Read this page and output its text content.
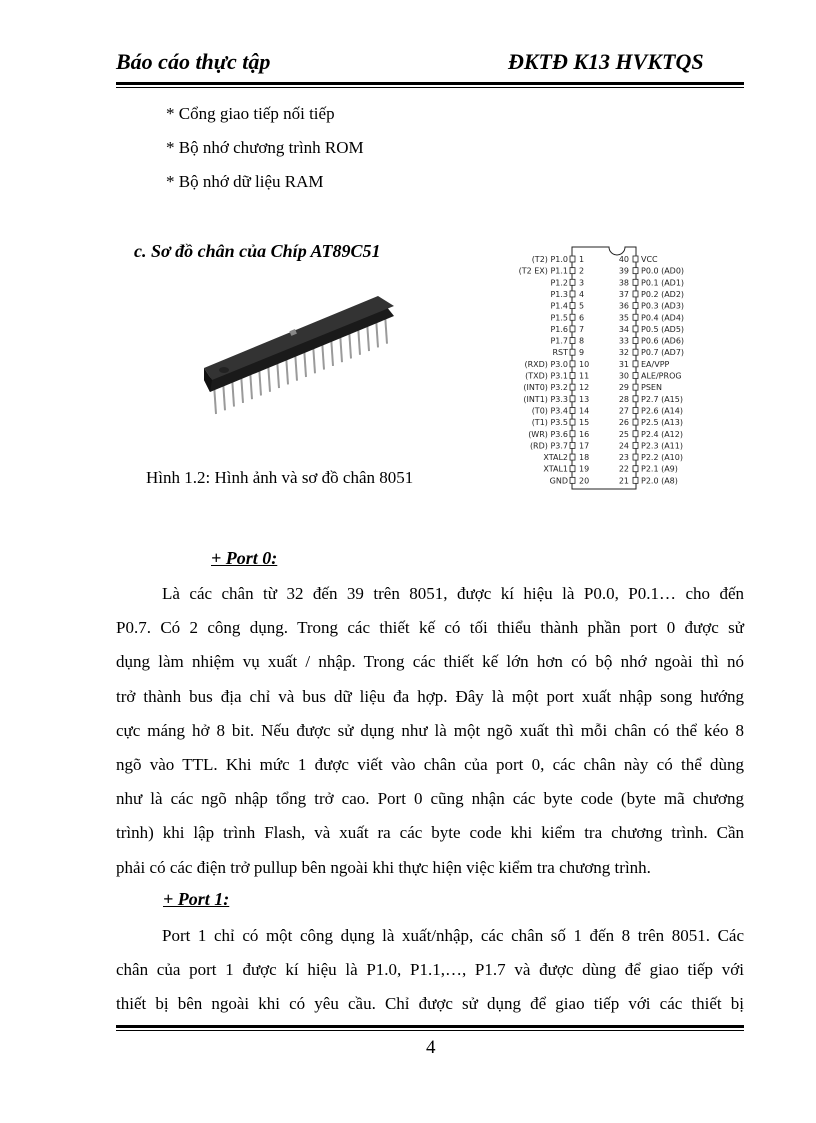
Báo cáo thực tập	ĐKTĐ K13 HVKTQS
* Cổng giao tiếp nối tiếp
* Bộ nhớ chương trình ROM
* Bộ nhớ dữ liệu RAM
c. Sơ đồ chân của Chíp AT89C51	(T2) P1.0 1
(T2 EX) P1.1 2
P1.2 3
P1.3 4
P1.4 5
P1.5 6
P1.6 7
P1.7 8
RST 9
(RXD) P3.0 10
(TXD) P3.1 11
(INT0) P3.2 12
(INT1) P3.3 13
(T0) P3.4 14
(T1) P3.5 15
(WR) P3.6 16
(RD) P3.7 17
XTAL2 18
XTAL1 19
GND 20
40 VCC
39 P0.0 (AD0)
38 P0.1 (AD1)
37 P0.2 (AD2)
36 P0.3 (AD3)
35 P0.4 (AD4)
34 P0.5 (AD5)
33 P0.6 (AD6)
32 P0.7 (AD7)
31 EA/VPP
30 ALE/PROG
29 PSEN
28 P2.7 (A15)
27 P2.6 (A14)
26 P2.5 (A13)
25 P2.4 (A12)
24 P2.3 (A11)
23 P2.2 (A10)
22 P2.1 (A9)
21 P2.0 (A8)
Hình 1.2: Hình ảnh và sơ đồ chân 8051
+ Port 0:
Là các chân từ 32 đến 39 trên 8051, được kí hiệu là P0.0, P0.1… cho đến
P0.7. Có 2 công dụng. Trong các thiết kế có tối thiểu thành phần port 0 được sử
dụng làm nhiệm vụ xuất / nhập. Trong các thiết kế lớn hơn có bộ nhớ ngoài thì nó
trở thành bus địa chỉ và bus dữ liệu đa hợp. Đây là một port xuất nhập song hướng
cực máng hở 8 bit. Nếu được sử dụng như là một ngõ xuất thì mỗi chân có thể kéo 8
ngõ vào TTL. Khi mức 1 được viết vào chân của port 0, các chân này có thể dùng
như là các ngõ nhập tổng trở cao. Port 0 cũng nhận các byte code (byte mã chương
trình) khi lập trình Flash, và xuất ra các byte code khi kiểm tra chương trình. Cần
phải có các điện trở pullup bên ngoài khi thực hiện việc kiểm tra chương trình.
+ Port 1:
Port 1 chỉ có một công dụng là xuất/nhập, các chân số 1 đến 8 trên 8051. Các
chân của port 1 được kí hiệu là P1.0, P1.1,…, P1.7 và được dùng để giao tiếp với
thiết bị bên ngoài khi có yêu cầu. Chỉ được sử dụng để giao tiếp với các thiết bị
4
